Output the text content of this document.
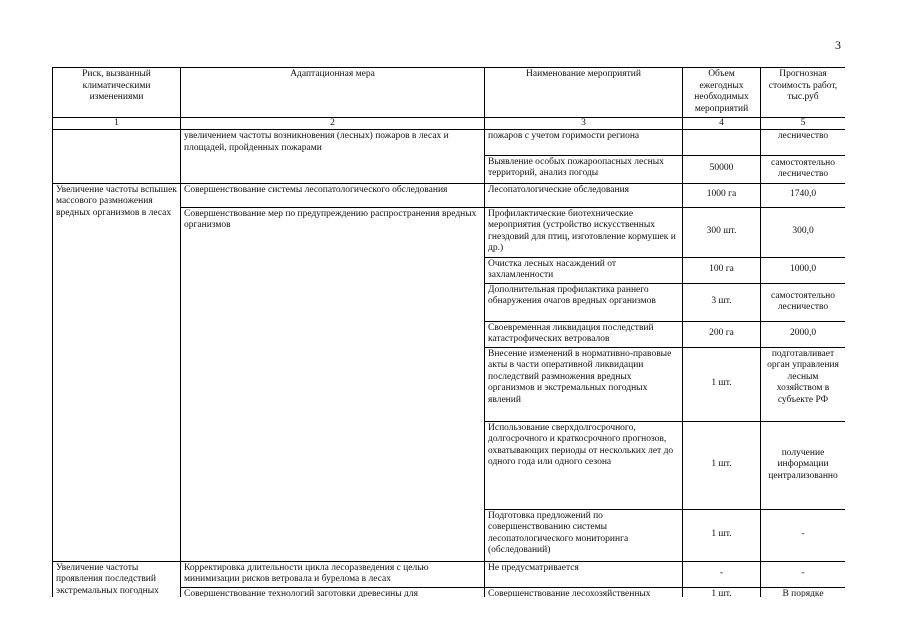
3
Риск, вызванный климатическими изменениями	Адаптационная мера	Наименование мероприятий	Объем ежегодных необходимых мероприятий	Прогнозная стоимость работ, тыс.руб
1	2	3	4	5
	увеличением частоты возникновения (лесных) пожаров в лесах и площадей, пройденных пожарами	пожаров с учетом горимости региона		лесничество
		Выявление особых пожароопасных лесных территорий, анализ погоды	50000	самостоятельно лесничество
Увеличение частоты вспышек массового размножения вредных организмов в лесах	Совершенствование системы лесопатологического обследования	Лесопатологические обследования	1000 га	1740,0
	Совершенствование мер по предупреждению распространения вредных организмов	Профилактические биотехнические мероприятия (устройство искусственных гнездовий для птиц, изготовление кормушек и др.)	300 шт.	300,0
		Очистка лесных насаждений от захламленности	100 га	1000,0
		Дополнительная профилактика раннего обнаружения очагов вредных организмов	3 шт.	самостоятельно лесничество
		Своевременная ликвидация последствий катастрофических ветровалов	200 га	2000,0
		Внесение изменений в нормативно-правовые акты в части оперативной ликвидации последствий размножения вредных организмов и экстремальных погодных явлений	1 шт.	подготавливает орган управления лесным хозяйством в субъекте РФ
		Использование сверхдолгосрочного, долгосрочного и краткосрочного прогнозов, охватывающих периоды от нескольких лет до одного года или одного сезона	1 шт.	получение информации централизованно
		Подготовка предложений по совершенствованию системы лесопатологического мониторинга (обследований)	1 шт.	-
Увеличение частоты проявления последствий экстремальных погодных	Корректировка длительности цикла лесоразведения с целью минимизации рисков ветровала и бурелома в лесах	Не предусматривается	-	-
	Совершенствование технологий заготовки древесины для	Совершенствование лесохозяйственных	1 шт.	В порядке
